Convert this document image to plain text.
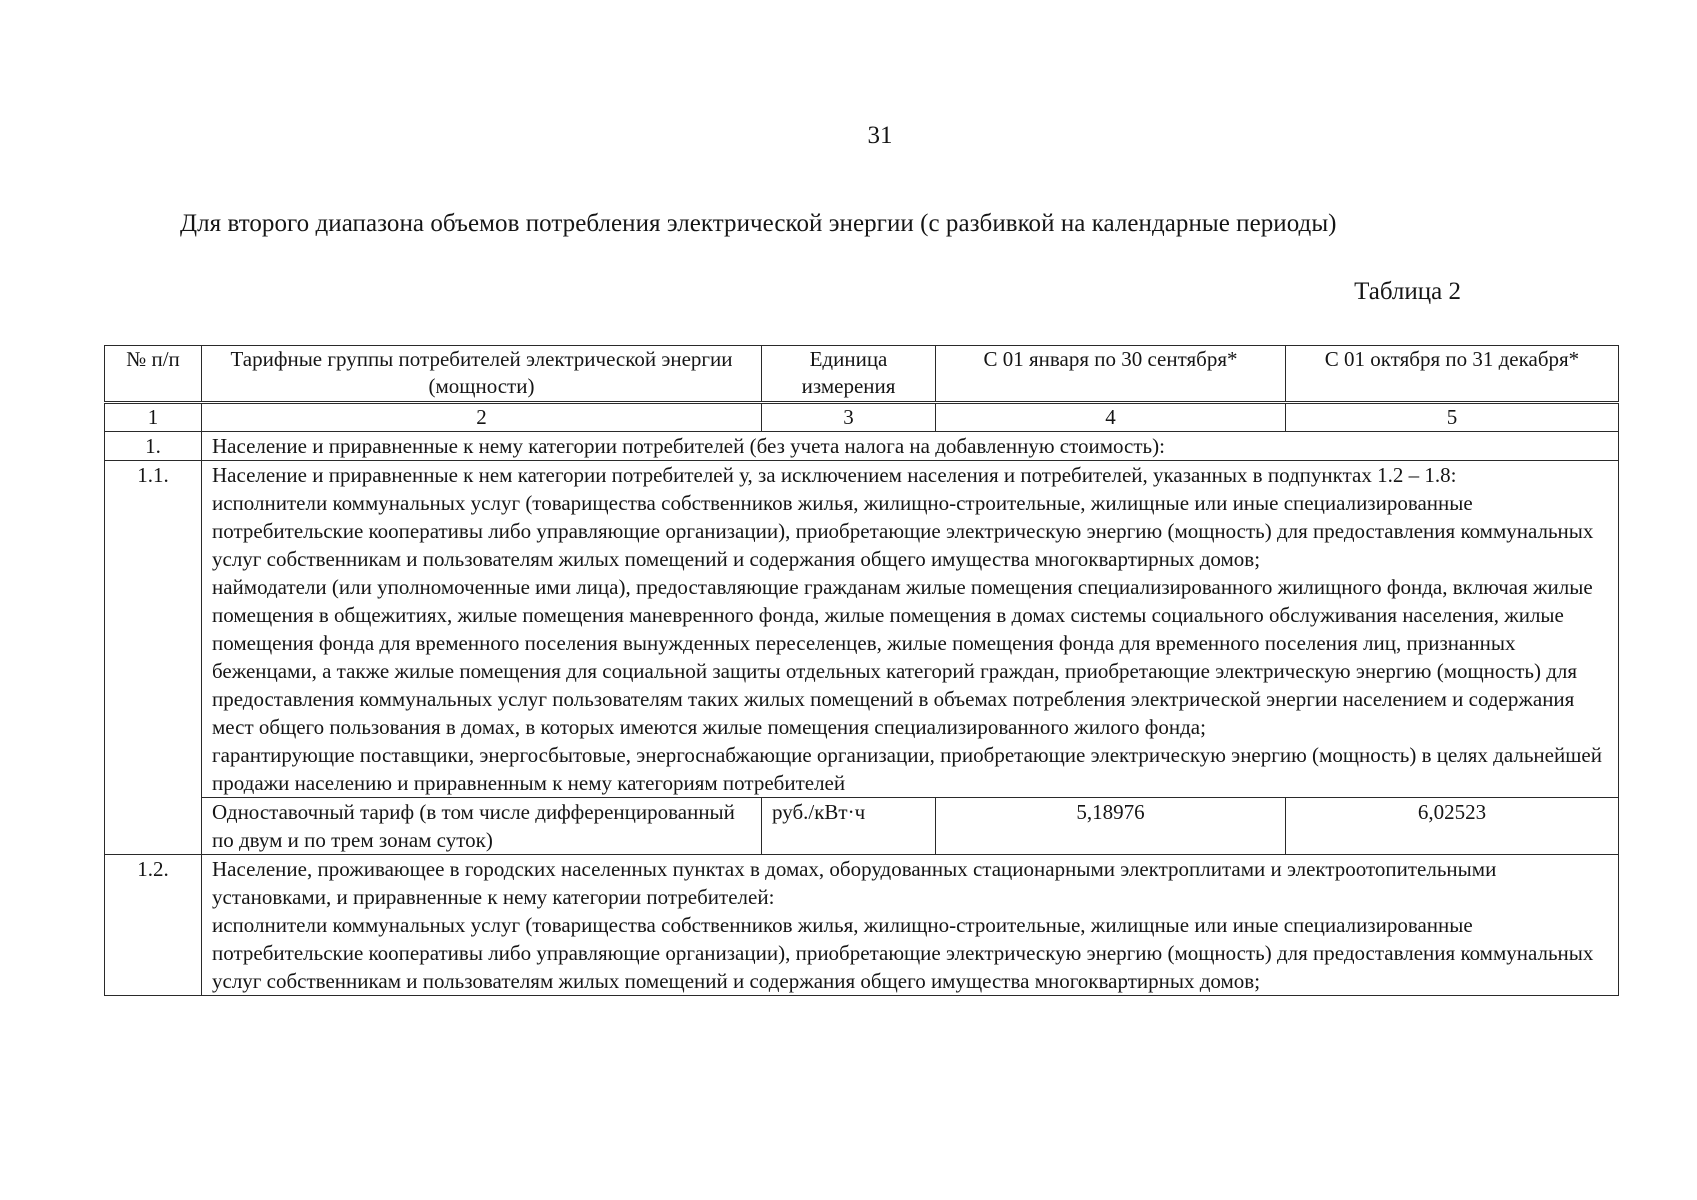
31
Для второго диапазона объемов потребления электрической энергии (с разбивкой на календарные периоды)
Таблица 2
№ п/п	Тарифные группы потребителей электрической энергии (мощности)	Единица измерения	С 01 января по 30 сентября*	С 01 октября по 31 декабря*
1	2	3	4	5
1.	Население и приравненные к нему категории потребителей (без учета налога на добавленную стоимость):			
1.1.	Население и приравненные к нем категории потребителей у, за исключением населения и потребителей, указанных в подпунктах 1.2 – 1.8:

исполнители коммунальных услуг (товарищества собственников жилья, жилищно-строительные, жилищные или иные специализированные потребительские кооперативы либо управляющие организации), приобретающие электрическую энергию (мощность) для предоставления коммунальных услуг собственникам и пользователям жилых помещений и содержания общего имущества многоквартирных домов;

наймодатели (или уполномоченные ими лица), предоставляющие гражданам жилые помещения специализированного жилищного фонда, включая жилые помещения в общежитиях, жилые помещения маневренного фонда, жилые помещения в домах системы социального обслуживания населения, жилые помещения фонда для временного поселения вынужденных переселенцев, жилые помещения фонда для временного поселения лиц, признанных беженцами, а также жилые помещения для социальной защиты отдельных категорий граждан, приобретающие электрическую энергию (мощность) для предоставления коммунальных услуг пользователям таких жилых помещений в объемах потребления электрической энергии населением и содержания мест общего пользования в домах, в которых имеются жилые помещения специализированного жилого фонда;

гарантирующие поставщики, энергосбытовые, энергоснабжающие организации, приобретающие электрическую энергию (мощность) в целях дальнейшей продажи населению и приравненным к нему категориям потребителей			

	Одноставочный тариф (в том числе дифференцированный по двум и по трем зонам суток)	руб./кВт·ч	5,18976	6,02523
1.2.	Население, проживающее в городских населенных пунктах в домах, оборудованных стационарными электроплитами и электроотопительными установками, и приравненные к нему категории потребителей:

исполнители коммунальных услуг (товарищества собственников жилья, жилищно-строительные, жилищные или иные специализированные потребительские кооперативы либо управляющие организации), приобретающие электрическую энергию (мощность) для предоставления коммунальных услуг собственникам и пользователям жилых помещений и содержания общего имущества многоквартирных домов;			
